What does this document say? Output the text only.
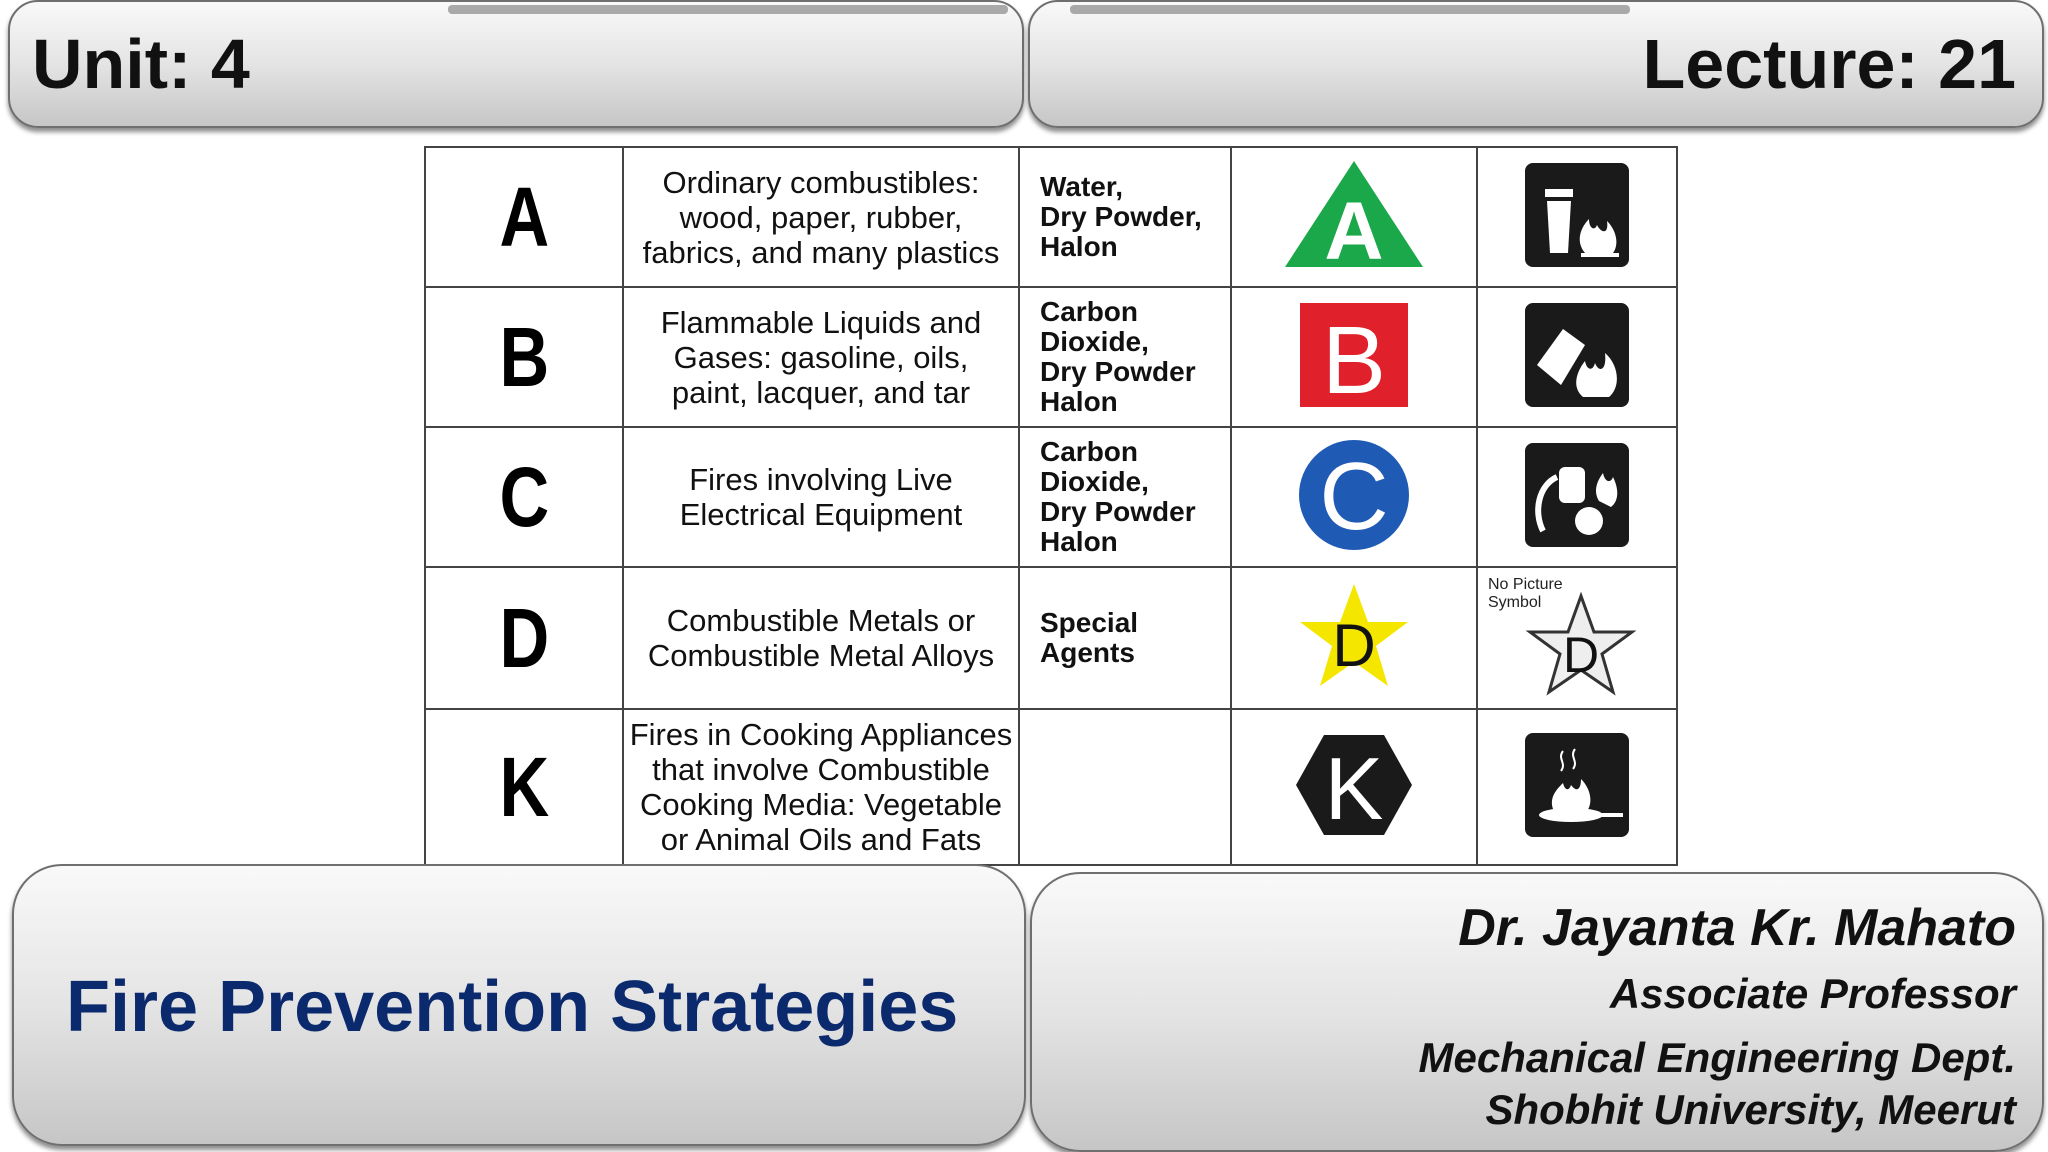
Unit: 4	Lecture: 21
A	Ordinary combustibles:
wood, paper, rubber,
fabrics, and many plastics	Water,
Dry Powder,
Halon	A

B	Flammable Liquids and
Gases: gasoline, oils,
paint, lacquer, and tar	Carbon
Dioxide,
Dry Powder
Halon	B

C	Fires involving Live
Electrical Equipment	Carbon
Dioxide,
Dry Powder
Halon	C

D	Combustible Metals or
Combustible Metal Alloys	Special
Agents	D	No Picture
Symbol
D

K	Fires in Cooking Appliances
that involve Combustible
Cooking Media: Vegetable
or Animal Oils and Fats		K

Fire Prevention Strategies
Dr. Jayanta Kr. Mahato
Associate Professor
Mechanical Engineering Dept.
Shobhit University, Meerut
